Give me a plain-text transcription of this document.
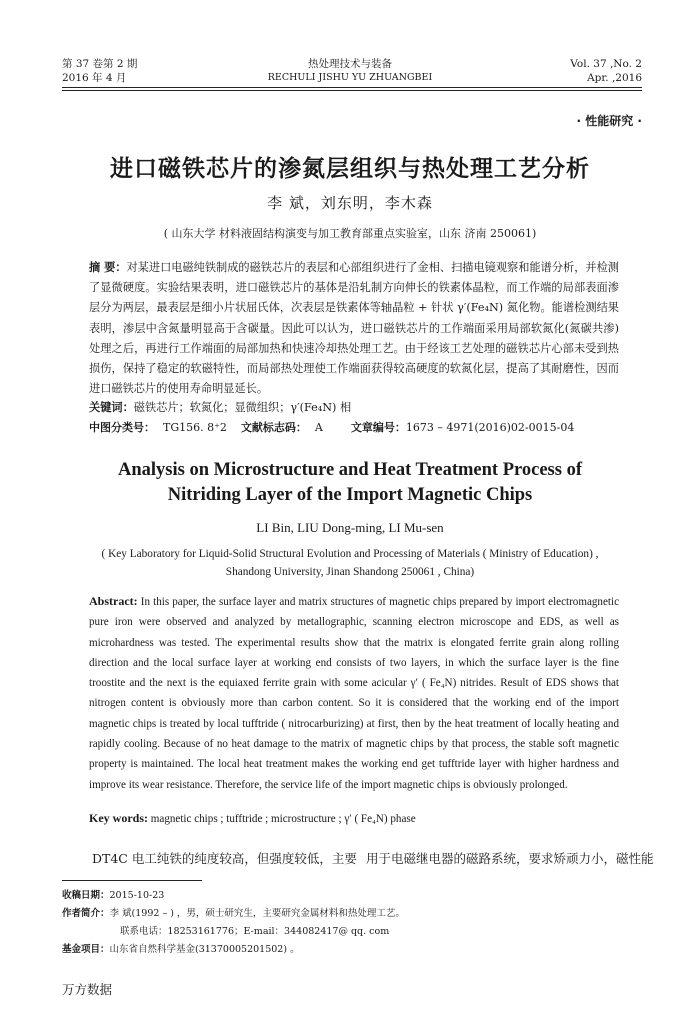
第 37 卷第 2 期
2016 年 4 月
热处理技术与装备
RECHULI JISHU YU ZHUANGBEI
Vol. 37 ,No. 2
Apr. ,2016
· 性能研究 ·
进口磁铁芯片的渗氮层组织与热处理工艺分析
李 斌，刘东明，李木森
( 山东大学 材料液固结构演变与加工教育部重点实验室，山东 济南 250061)
摘 要：对某进口电磁纯铁制成的磁铁芯片的表层和心部组织进行了金相、扫描电镜观察和能谱分析，并检测了显微硬度。实验结果表明，进口磁铁芯片的基体是沿轧制方向伸长的铁素体晶粒，而工作端的局部表面渗层分为两层，最表层是细小片状屈氏体，次表层是铁素体等轴晶粒 + 针状 γ′(Fe₄N) 氮化物。能谱检测结果表明，渗层中含氮量明显高于含碳量。因此可以认为，进口磁铁芯片的工作端面采用局部软氮化(氮碳共渗)处理之后，再进行工作端面的局部加热和快速冷却热处理工艺。由于经该工艺处理的磁铁芯片心部未受到热损伤，保持了稳定的软磁特性，而局部热处理使工作端面获得较高硬度的软氮化层，提高了其耐磨性，因而进口磁铁芯片的使用寿命明显延长。
关键词：磁铁芯片；软氮化；显微组织；γ′(Fe₄N) 相
中图分类号： TG156. 8⁺2 文献标志码： A	文章编号：1673 – 4971(2016)02-0015-04
Analysis on Microstructure and Heat Treatment Process of
Nitriding Layer of the Import Magnetic Chips
LI Bin, LIU Dong-ming, LI Mu-sen
( Key Laboratory for Liquid-Solid Structural Evolution and Processing of Materials ( Ministry of Education) ,
Shandong University, Jinan Shandong 250061 , China)
Abstract: In this paper, the surface layer and matrix structures of magnetic chips prepared by import electromagnetic pure iron were observed and analyzed by metallographic, scanning electron microscope and EDS, as well as microhardness was tested. The experimental results show that the matrix is elongated ferrite grain along rolling direction and the local surface layer at working end consists of two layers, in which the surface layer is the fine troostite and the next is the equiaxed ferrite grain with some acicular γ′ ( Fe₄N) nitrides. Result of EDS shows that nitrogen content is obviously more than carbon content. So it is considered that the working end of the import magnetic chips is treated by local tufftride ( nitrocarburizing) at first, then by the heat treatment of locally heating and rapidly cooling. Because of no heat damage to the matrix of magnetic chips by that process, the stable soft magnetic property is maintained. The local heat treatment makes the working end get tufftride layer with higher hardness and improve its wear resistance. Therefore, the service life of the import magnetic chips is obviously prolonged.
Key words: magnetic chips ; tufftride ; microstructure ; γ′ ( Fe₄N) phase
DT4C 电工纯铁的纯度较高，但强度较低，主要 用于电磁继电器的磁路系统，要求矫顽力小，磁性能
收稿日期：2015-10-23
作者简介：李 斌(1992 – ) ，男，硕士研究生，主要研究金属材料和热处理工艺。
联系电话：18253161776；E-mail：344082417@ qq. com
基金项目：山东省自然科学基金(31370005201502) 。
万方数据
